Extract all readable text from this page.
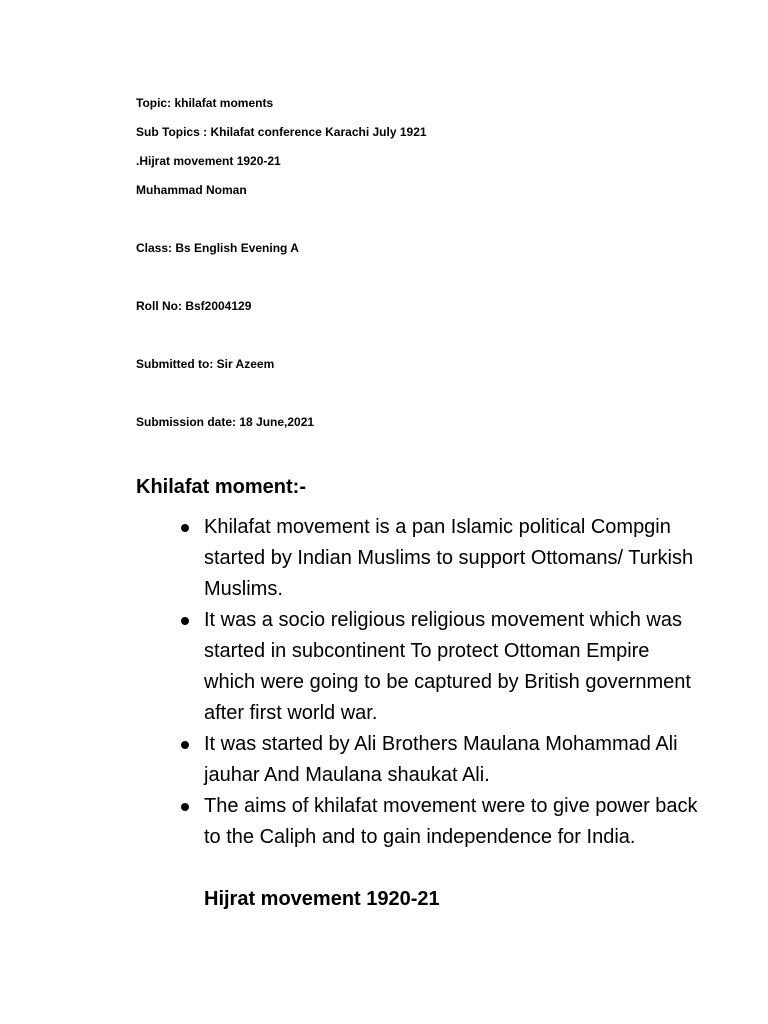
Topic: khilafat moments
Sub Topics : Khilafat conference Karachi July 1921
.Hijrat movement 1920-21
Muhammad Noman
Class: Bs English Evening A
Roll No: Bsf2004129
Submitted to: Sir Azeem
Submission date: 18 June,2021
Khilafat moment:-
Khilafat movement is a pan Islamic political Compgin started by Indian Muslims to support Ottomans/ Turkish Muslims.
It was a socio religious religious movement which was started in subcontinent To protect Ottoman Empire which were going to be captured by British government after first world war.
It was started by Ali Brothers Maulana Mohammad Ali jauhar And Maulana shaukat Ali.
The aims of khilafat movement were to give power back to the Caliph and to gain independence for India.
Hijrat movement 1920-21
